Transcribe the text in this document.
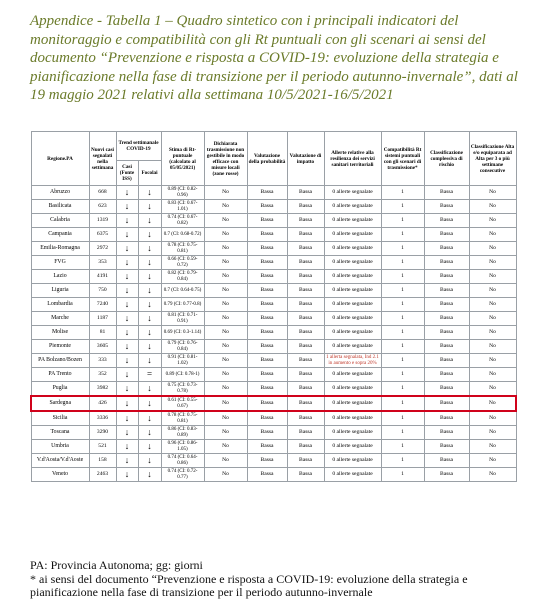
Appendice - Tabella 1 – Quadro sintetico con i principali indicatori del monitoraggio e compatibilità con gli Rt puntuali con gli scenari ai sensi del documento “Prevenzione e risposta a COVID-19: evoluzione della strategia e pianificazione nella fase di transizione per il periodo autunno-invernale”, dati al 19 maggio 2021 relativi alla settimana 10/5/2021-16/5/2021
Regione.PA	Nuovi casi segnalati nella settimana	Trend settimanale COVID-19		Stima di Rt-puntuale (calcolato al 05/05/2021)	Dichiarata trasmissione non gestibile in modo efficace con misure locali (zone rosse)	Valutazione della probabilità	Valutazione di impatto	Allerte relative alla resilienza dei servizi sanitari territoriali	Compatibilità Rt sistemi puntuali con gli scenari di trasmissione*	Classificazione complessiva di rischio	Classificazione Alta e/o equiparata ad Alta per 3 o più settimane consecutive
		Casi (Fonte ISS)	Focolai								
Abruzzo	668	↓	↓	0.89 (CI: 0.82-0.96)	No	Bassa	Bassa	0 allerte segnalate	1	Bassa	No
Basilicata	623	↓	↓	0.83 (CI: 0.67-1.01)	No	Bassa	Bassa	0 allerte segnalate	1	Bassa	No
Calabria	1319	↓	↓	0.74 (CI: 0.67-0.82)	No	Bassa	Bassa	0 allerte segnalate	1	Bassa	No
Campania	6375	↓	↓	0.7 (CI: 0.68-0.72)	No	Bassa	Bassa	0 allerte segnalate	1	Bassa	No
Emilia-Romagna	2972	↓	↓	0.78 (CI: 0.75-0.81)	No	Bassa	Bassa	0 allerte segnalate	1	Bassa	No
FVG	353	↓	↓	0.66 (CI: 0.59-0.72)	No	Bassa	Bassa	0 allerte segnalate	1	Bassa	No
Lazio	4191	↓	↓	0.82 (CI: 0.79-0.84)	No	Bassa	Bassa	0 allerte segnalate	1	Bassa	No
Liguria	750	↓	↓	0.7 (CI: 0.64-0.75)	No	Bassa	Bassa	0 allerte segnalate	1	Bassa	No
Lombardia	7240	↓	↓	0.79 (CI: 0.77-0.8)	No	Bassa	Bassa	0 allerte segnalate	1	Bassa	No
Marche	1187	↓	↓	0.81 (CI: 0.71-0.91)	No	Bassa	Bassa	0 allerte segnalate	1	Bassa	No
Molise	81	↓	↓	0.69 (CI: 0.3-1.14)	No	Bassa	Bassa	0 allerte segnalate	1	Bassa	No
Piemonte	3605	↓	↓	0.79 (CI: 0.76-0.84)	No	Bassa	Bassa	0 allerte segnalate	1	Bassa	No
PA Bolzano/Bozen	333	↓	↓	0.91 (CI: 0.81-1.02)	No	Bassa	Bassa	1 allerta segnalata, Ind 2.1 in aumento e sopra 20%	1	Bassa	No
PA Trento	352	↓	=	0.89 (CI: 0.78-1)	No	Bassa	Bassa	0 allerte segnalate	1	Bassa	No
Puglia	3982	↓	↓	0.75 (CI: 0.73-0.78)	No	Bassa	Bassa	0 allerte segnalate	1	Bassa	No
Sardegna	426	↓	↓	0.61 (CI: 0.55-0.67)	No	Bassa	Bassa	0 allerte segnalate	1	Bassa	No
Sicilia	3336	↓	↓	0.78 (CI: 0.75-0.81)	No	Bassa	Bassa	0 allerte segnalate	1	Bassa	No
Toscana	3290	↓	↓	0.86 (CI: 0.83-0.89)	No	Bassa	Bassa	0 allerte segnalate	1	Bassa	No
Umbria	521	↓	↓	0.96 (CI: 0.86-1.05)	No	Bassa	Bassa	0 allerte segnalate	1	Bassa	No
V.d'Aosta/V.d'Aoste	158	↓	↓	0.74 (CI: 0.64-0.86)	No	Bassa	Bassa	0 allerte segnalate	1	Bassa	No
Veneto	2463	↓	↓	0.74 (CI: 0.72-0.77)	No	Bassa	Bassa	0 allerte segnalate	1	Bassa	No
PA: Provincia Autonoma; gg: giorni
* ai sensi del documento “Prevenzione e risposta a COVID-19: evoluzione della strategia e pianificazione nella fase di transizione per il periodo autunno-invernale
